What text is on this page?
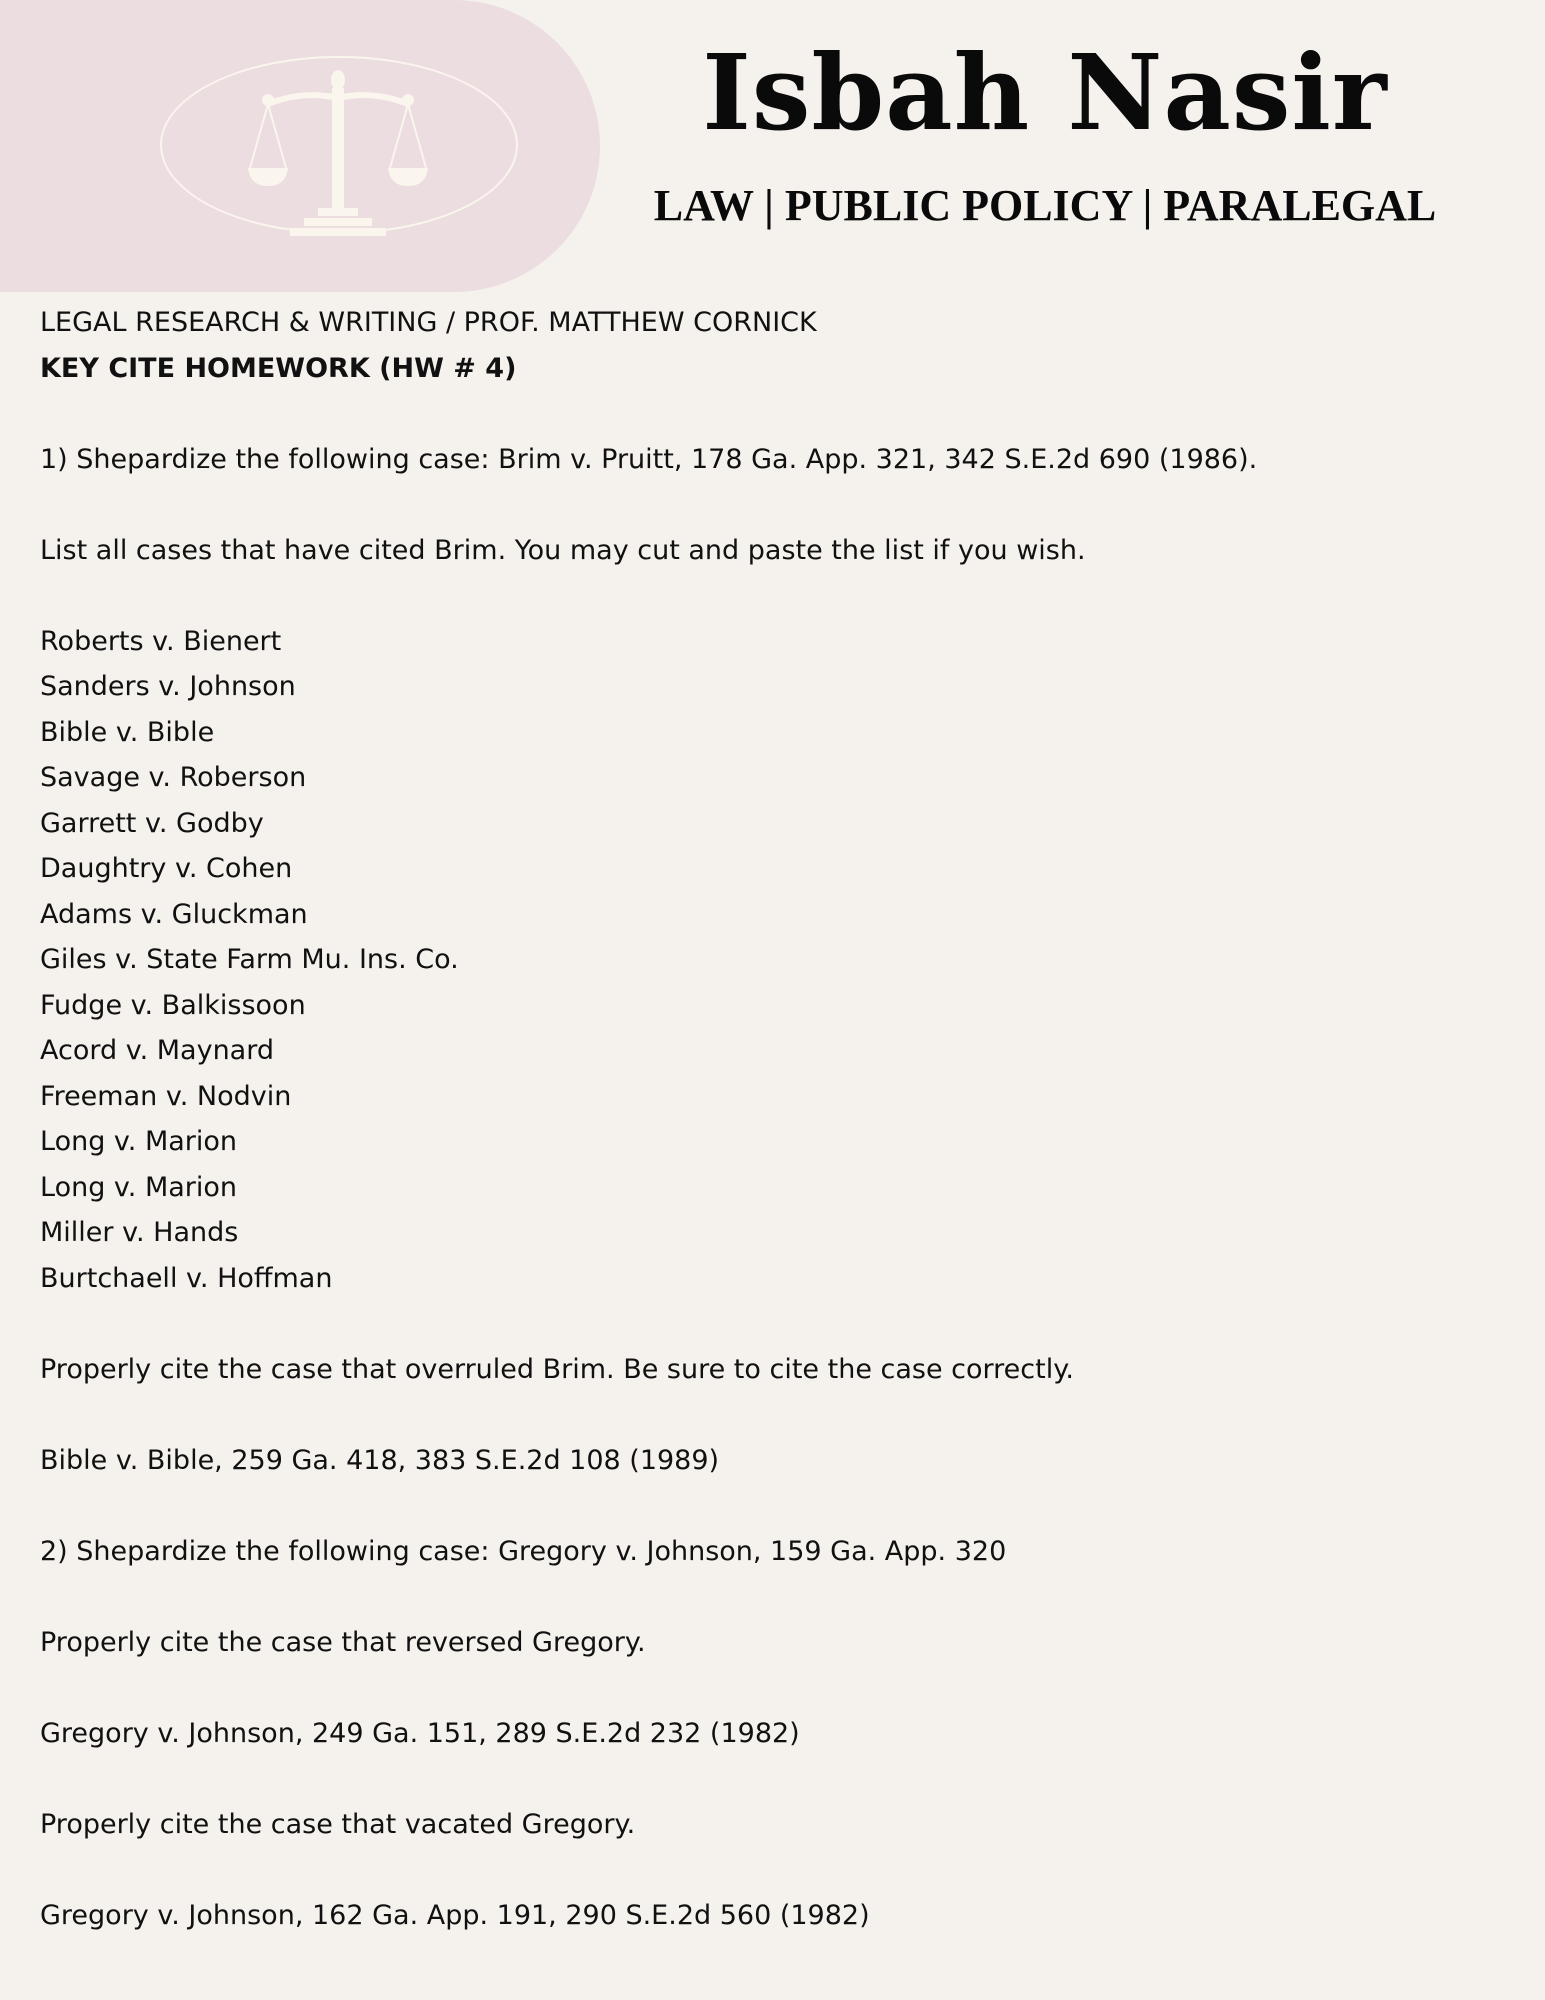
Isbah Nasir
LAW | PUBLIC POLICY | PARALEGAL
LEGAL RESEARCH & WRITING / PROF. MATTHEW CORNICK
KEY CITE HOMEWORK (HW # 4)
1) Shepardize the following case: Brim v. Pruitt, 178 Ga. App. 321, 342 S.E.2d 690 (1986).
List all cases that have cited Brim. You may cut and paste the list if you wish.
Roberts v. Bienert
Sanders v. Johnson
Bible v. Bible
Savage v. Roberson
Garrett v. Godby
Daughtry v. Cohen
Adams v. Gluckman
Giles v. State Farm Mu. Ins. Co.
Fudge v. Balkissoon
Acord v. Maynard
Freeman v. Nodvin
Long v. Marion
Long v. Marion
Miller v. Hands
Burtchaell v. Hoffman
Properly cite the case that overruled Brim. Be sure to cite the case correctly.
Bible v. Bible, 259 Ga. 418, 383 S.E.2d 108 (1989)
2) Shepardize the following case: Gregory v. Johnson, 159 Ga. App. 320
Properly cite the case that reversed Gregory.
Gregory v. Johnson, 249 Ga. 151, 289 S.E.2d 232 (1982)
Properly cite the case that vacated Gregory.
Gregory v. Johnson, 162 Ga. App. 191, 290 S.E.2d 560 (1982)
